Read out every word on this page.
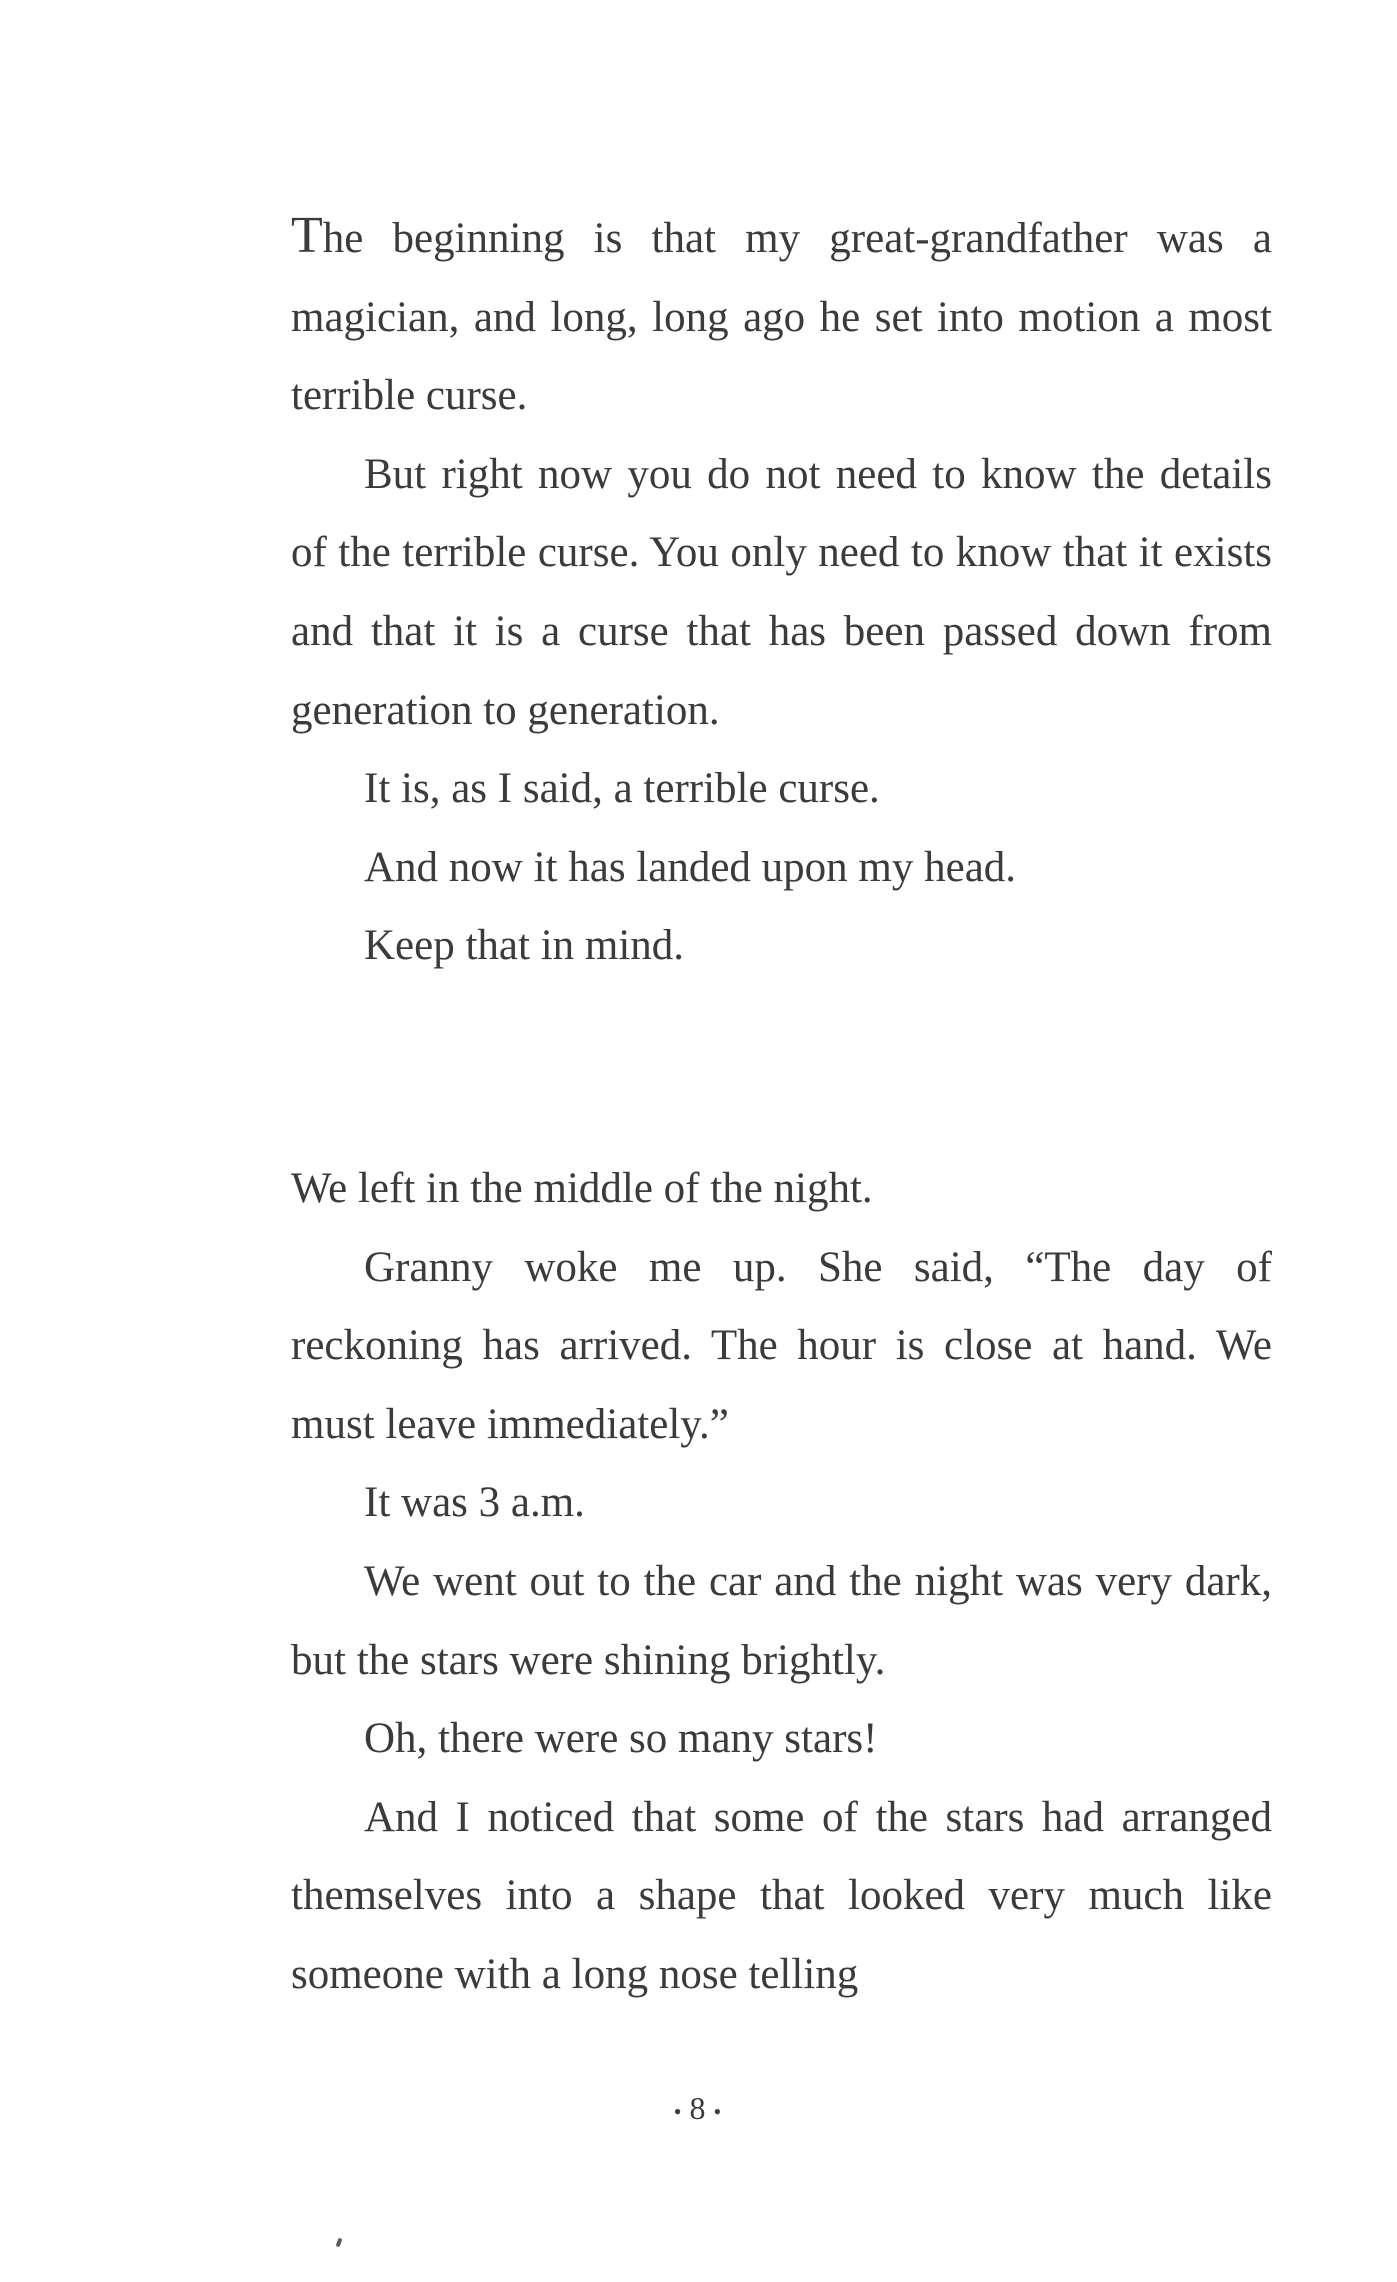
The beginning is that my great-grandfather was a magician, and long, long ago he set into motion a most terrible curse.

But right now you do not need to know the details of the terrible curse. You only need to know that it exists and that it is a curse that has been passed down from generation to generation.

It is, as I said, a terrible curse.

And now it has landed upon my head.

Keep that in mind.

We left in the middle of the night.

Granny woke me up. She said, “The day of reckoning has arrived. The hour is close at hand. We must leave immediately.”

It was 3 a.m.

We went out to the car and the night was very dark, but the stars were shining brightly.

Oh, there were so many stars!

And I noticed that some of the stars had arranged themselves into a shape that looked very much like someone with a long nose telling

• 8 •
